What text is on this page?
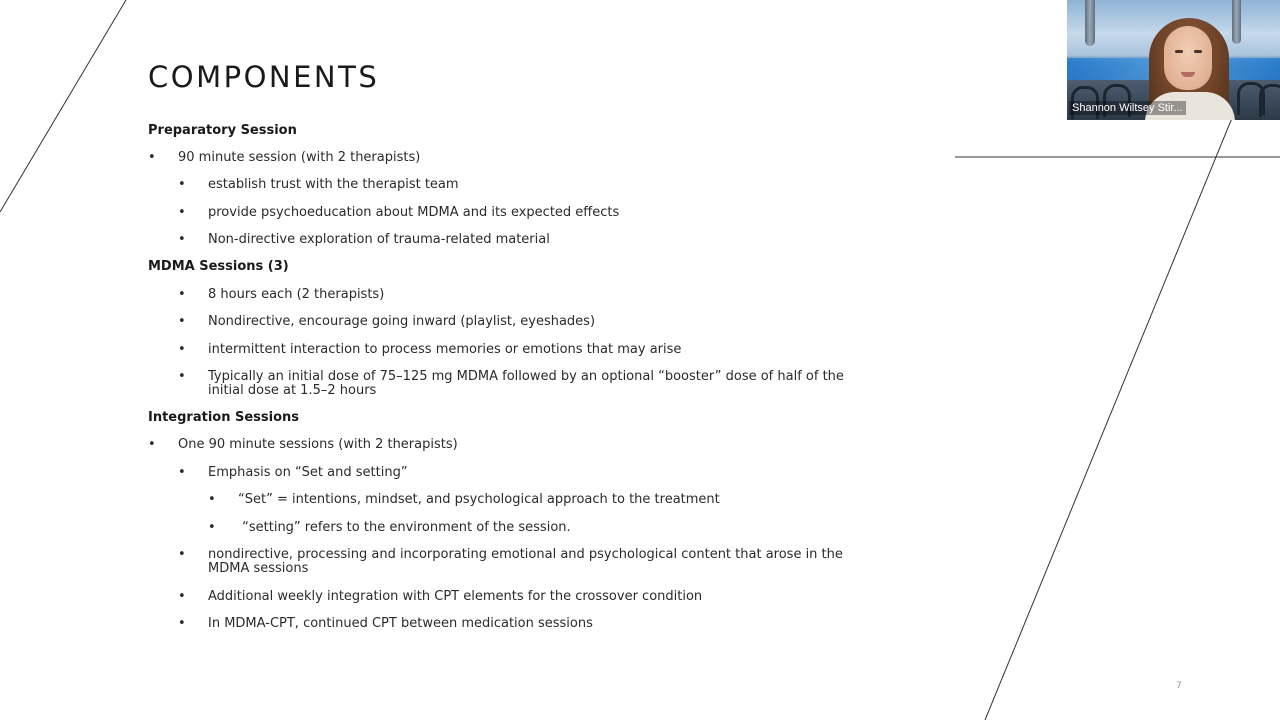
COMPONENTS
Preparatory Session
• 90 minute session (with 2 therapists)
• establish trust with the therapist team
• provide psychoeducation about MDMA and its expected effects
• Non-directive exploration of trauma-related material
MDMA Sessions (3)
• 8 hours each (2 therapists)
• Nondirective, encourage going inward (playlist, eyeshades)
• intermittent interaction to process memories or emotions that may arise
• Typically an initial dose of 75–125 mg MDMA followed by an optional “booster” dose of half of the initial dose at 1.5–2 hours
Integration Sessions
• One 90 minute sessions (with 2 therapists)
• Emphasis on “Set and setting”
• “Set” = intentions, mindset, and psychological approach to the treatment
• “setting” refers to the environment of the session.
• nondirective, processing and incorporating emotional and psychological content that arose in the MDMA sessions
• Additional weekly integration with CPT elements for the crossover condition
• In MDMA-CPT, continued CPT between medication sessions
7
Shannon Wiltsey Stir...
